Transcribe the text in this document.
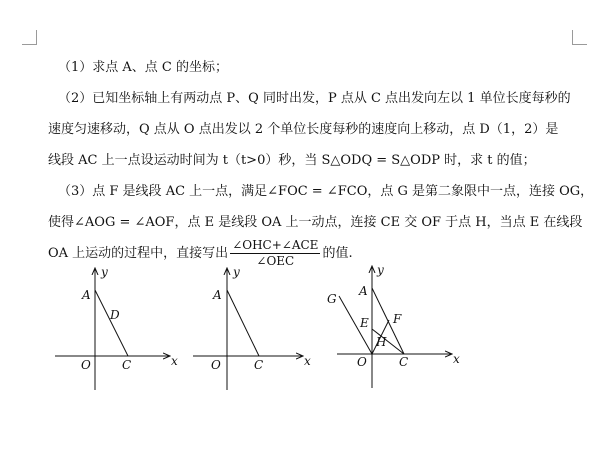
（1）求点 A、点 C 的坐标；
（2）已知坐标轴上有两动点 P、Q 同时出发，P 点从 C 点出发向左以 1 单位长度每秒的
速度匀速移动，Q 点从 O 点出发以 2 个单位长度每秒的速度向上移动，点 D（1，2）是
线段 AC 上一点设运动时间为 t（t>0）秒，当 S△ODQ = S△ODP 时，求 t 的值；
（3）点 F 是线段 AC 上一点，满足∠FOC = ∠FCO，点 G 是第二象限中一点，连接 OG，
使得∠AOG = ∠AOF，点 E 是线段 OA 上一动点，连接 CE 交 OF 于点 H，当点 E 在线段
OA 上运动的过程中，直接写出 $\frac{\text{∠OHC+∠ACE}}{\text{∠OEC}}$ 的值.
y
x
A
D
O	C
y
x
A
O	C
y
x
G
A
E F
H
O	C
